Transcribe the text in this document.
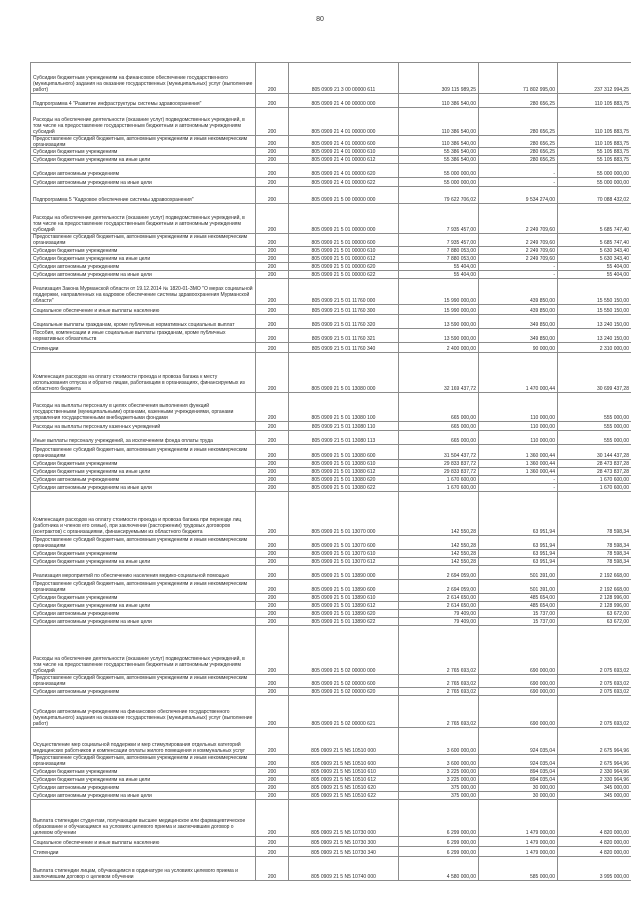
80
Субсидии бюджетным учреждениям на финансовое обеспечение государственного (муниципального) задания на оказание государственных (муниципальных) услуг (выполнение работ)	200	805 0909 21 3 00 00000 611	309 115 989,25	71 802 995,00	237 312 994,25

Подпрограмма 4 "Развитие инфраструктуры системы здравоохранения"	200	805 0909 21 4 00 00000 000	110 386 540,00	280 656,25	110 105 883,75

Расходы на обеспечение деятельности (оказание услуг) подведомственных учреждений, в том числе на предоставление государственным бюджетным и автономным учреждениям субсидий	200	805 0909 21 4 01 00000 000	110 386 540,00	280 656,25	110 105 883,75

Предоставление субсидий бюджетным, автономным учреждениям и иным некоммерческим организациям	200	805 0909 21 4 01 00000 600	110 386 540,00	280 656,25	110 105 883,75

Субсидии бюджетным учреждениям	200	805 0909 21 4 01 00000 610	55 386 540,00	280 656,25	55 105 883,75

Субсидии бюджетным учреждениям на иные цели	200	805 0909 21 4 01 00000 612	55 386 540,00	280 656,25	55 105 883,75

Субсидии автономным учреждениям	200	805 0909 21 4 01 00000 620	55 000 000,00	-	55 000 000,00

Субсидии автономным учреждениям на иные цели	200	805 0909 21 4 01 00000 622	55 000 000,00	-	55 000 000,00

Подпрограмма 5 "Кадровое обеспечение системы здравоохранения"	200	805 0909 21 5 00 00000 000	79 622 706,02	9 534 274,00	70 088 432,02

Расходы на обеспечение деятельности (оказание услуг) подведомственных учреждений, в том числе на предоставление государственным бюджетным и автономным учреждениям субсидий	200	805 0909 21 5 01 00000 000	7 935 457,00	2 249 709,60	5 685 747,40

Предоставление субсидий бюджетным, автономным учреждениям и иным некоммерческим организациям	200	805 0909 21 5 01 00000 600	7 935 457,00	2 249 709,60	5 685 747,40

Субсидии бюджетным учреждениям	200	805 0909 21 5 01 00000 610	7 880 053,00	2 249 709,60	5 630 343,40

Субсидии бюджетным учреждениям на иные цели	200	805 0909 21 5 01 00000 612	7 880 053,00	2 249 709,60	5 630 343,40

Субсидии автономным учреждениям	200	805 0909 21 5 01 00000 620	55 404,00	-	55 404,00

Субсидии автономным учреждениям на иные цели	200	805 0909 21 5 01 00000 622	55 404,00	-	55 404,00

Реализация Закона Мурманской области от 19.12.2014 № 1820-01-ЗМО "О мерах социальной поддержки, направленных на кадровое обеспечение системы здравоохранения Мурманской области"	200	805 0909 21 5 01 11760 000	15 990 000,00	439 850,00	15 550 150,00

Социальное обеспечение и иные выплаты населению	200	805 0909 21 5 01 11760 300	15 990 000,00	439 850,00	15 550 150,00

Социальные выплаты гражданам, кроме публичных нормативных социальных выплат	200	805 0909 21 5 01 11760 320	13 590 000,00	349 850,00	13 240 150,00

Пособия, компенсации и иные социальные выплаты гражданам, кроме публичных нормативных обязательств	200	805 0909 21 5 01 11760 321	13 590 000,00	349 850,00	13 240 150,00

Стипендии	200	805 0909 21 5 01 11760 340	2 400 000,00	90 000,00	2 310 000,00

Компенсация расходов на оплату стоимости проезда и провоза багажа к месту использования отпуска и обратно лицам, работающим в организациях, финансируемых из областного бюджета	200	805 0909 21 5 01 13080 000	32 169 437,72	1 470 000,44	30 699 437,28

Расходы на выплаты персоналу в целях обеспечения выполнения функций государственными (муниципальными) органами, казенными учреждениями, органами управления государственными внебюджетными фондами	200	805 0909 21 5 01 13080 100	665 000,00	110 000,00	555 000,00

Расходы на выплаты персоналу казенных учреждений	200	805 0909 21 5 01 13080 110	665 000,00	110 000,00	555 000,00

Иные выплаты персоналу учреждений, за исключением фонда оплаты труда	200	805 0909 21 5 01 13080 113	665 000,00	110 000,00	555 000,00

Предоставление субсидий бюджетным, автономным учреждениям и иным некоммерческим организациям	200	805 0909 21 5 01 13080 600	31 504 437,72	1 360 000,44	30 144 437,28

Субсидии бюджетным учреждениям	200	805 0909 21 5 01 13080 610	29 833 837,72	1 360 000,44	28 473 837,28

Субсидии бюджетным учреждениям на иные цели	200	805 0909 21 5 01 13080 612	29 833 837,72	1 360 000,44	28 473 837,28

Субсидии автономным учреждениям	200	805 0909 21 5 01 13080 620	1 670 600,00	-	1 670 600,00

Субсидии автономным учреждениям на иные цели	200	805 0909 21 5 01 13080 622	1 670 600,00	-	1 670 600,00

Компенсация расходов на оплату стоимости проезда и провоза багажа при переезде лиц (работника и членов его семьи), при заключении (расторжении) трудовых договоров (контрактов) с организациями, финансируемыми из областного бюджета	200	805 0909 21 5 01 13070 000	142 550,28	63 951,94	78 598,34

Предоставление субсидий бюджетным, автономным учреждениям и иным некоммерческим организациям	200	805 0909 21 5 01 13070 600	142 550,28	63 951,94	78 598,34

Субсидии бюджетным учреждениям	200	805 0909 21 5 01 13070 610	142 550,28	63 951,94	78 598,34

Субсидии бюджетным учреждениям на иные цели	200	805 0909 21 5 01 13070 612	142 550,28	63 951,94	78 598,34

Реализация мероприятий по обеспечению населения медико-социальной помощью	200	805 0909 21 5 01 13890 000	2 694 059,00	501 391,00	2 192 668,00

Предоставление субсидий бюджетным, автономным учреждениям и иным некоммерческим организациям	200	805 0909 21 5 01 13890 600	2 694 059,00	501 391,00	2 192 668,00

Субсидии бюджетным учреждениям	200	805 0909 21 5 01 13890 610	2 614 650,00	485 654,00	2 128 996,00

Субсидии бюджетным учреждениям на иные цели	200	805 0909 21 5 01 13890 612	2 614 650,00	485 654,00	2 128 996,00

Субсидии автономным учреждениям	200	805 0909 21 5 01 13890 620	79 409,00	15 737,00	63 672,00

Субсидии автономным учреждениям на иные цели	200	805 0909 21 5 01 13890 622	79 409,00	15 737,00	63 672,00

Расходы на обеспечение деятельности (оказание услуг) подведомственных учреждений, в том числе на предоставление государственным бюджетным и автономным учреждениям субсидий	200	805 0909 21 5 02 00000 000	2 765 693,02	690 000,00	2 075 693,02

Предоставление субсидий бюджетным, автономным учреждениям и иным некоммерческим организациям	200	805 0909 21 5 02 00000 600	2 765 693,02	690 000,00	2 075 693,02

Субсидии автономным учреждениям	200	805 0909 21 5 02 00000 620	2 765 693,02	690 000,00	2 075 693,02

Субсидии автономным учреждениям на финансовое обеспечение государственного (муниципального) задания на оказание государственных (муниципальных) услуг (выполнение работ)	200	805 0909 21 5 02 00000 621	2 765 693,02	690 000,00	2 075 693,02

Осуществление мер социальной поддержки и мер стимулирования отдельных категорий медицинских работников и компенсации оплаты жилого помещения и коммунальных услуг	200	805 0909 21 5 N5 10510 000	3 600 000,00	924 035,04	2 675 964,96

Предоставление субсидий бюджетным, автономным учреждениям и иным некоммерческим организациям	200	805 0909 21 5 N5 10510 600	3 600 000,00	924 035,04	2 675 964,96

Субсидии бюджетным учреждениям	200	805 0909 21 5 N5 10510 610	3 225 000,00	894 035,04	2 330 964,96

Субсидии бюджетным учреждениям на иные цели	200	805 0909 21 5 N5 10510 612	3 225 000,00	894 035,04	2 330 964,96

Субсидии автономным учреждениям	200	805 0909 21 5 N5 10510 620	375 000,00	30 000,00	345 000,00

Субсидии автономным учреждениям на иные цели	200	805 0909 21 5 N5 10510 622	375 000,00	30 000,00	345 000,00

Выплата стипендии студентам, получающим высшее медицинское или фармацевтическое образование и обучающимся на условиях целевого приема и заключившим договор о целевом обучении	200	805 0909 21 5 N5 10730 000	6 299 000,00	1 479 000,00	4 820 000,00

Социальное обеспечение и иные выплаты населению	200	805 0909 21 5 N5 10730 300	6 299 000,00	1 479 000,00	4 820 000,00

Стипендии	200	805 0909 21 5 N5 10730 340	6 299 000,00	1 479 000,00	4 820 000,00

Выплата стипендии лицам, обучающимся в ординатуре на условиях целевого приема и заключившим договор о целевом обучении	200	805 0909 21 5 N5 10740 000	4 580 000,00	585 000,00	3 995 000,00
